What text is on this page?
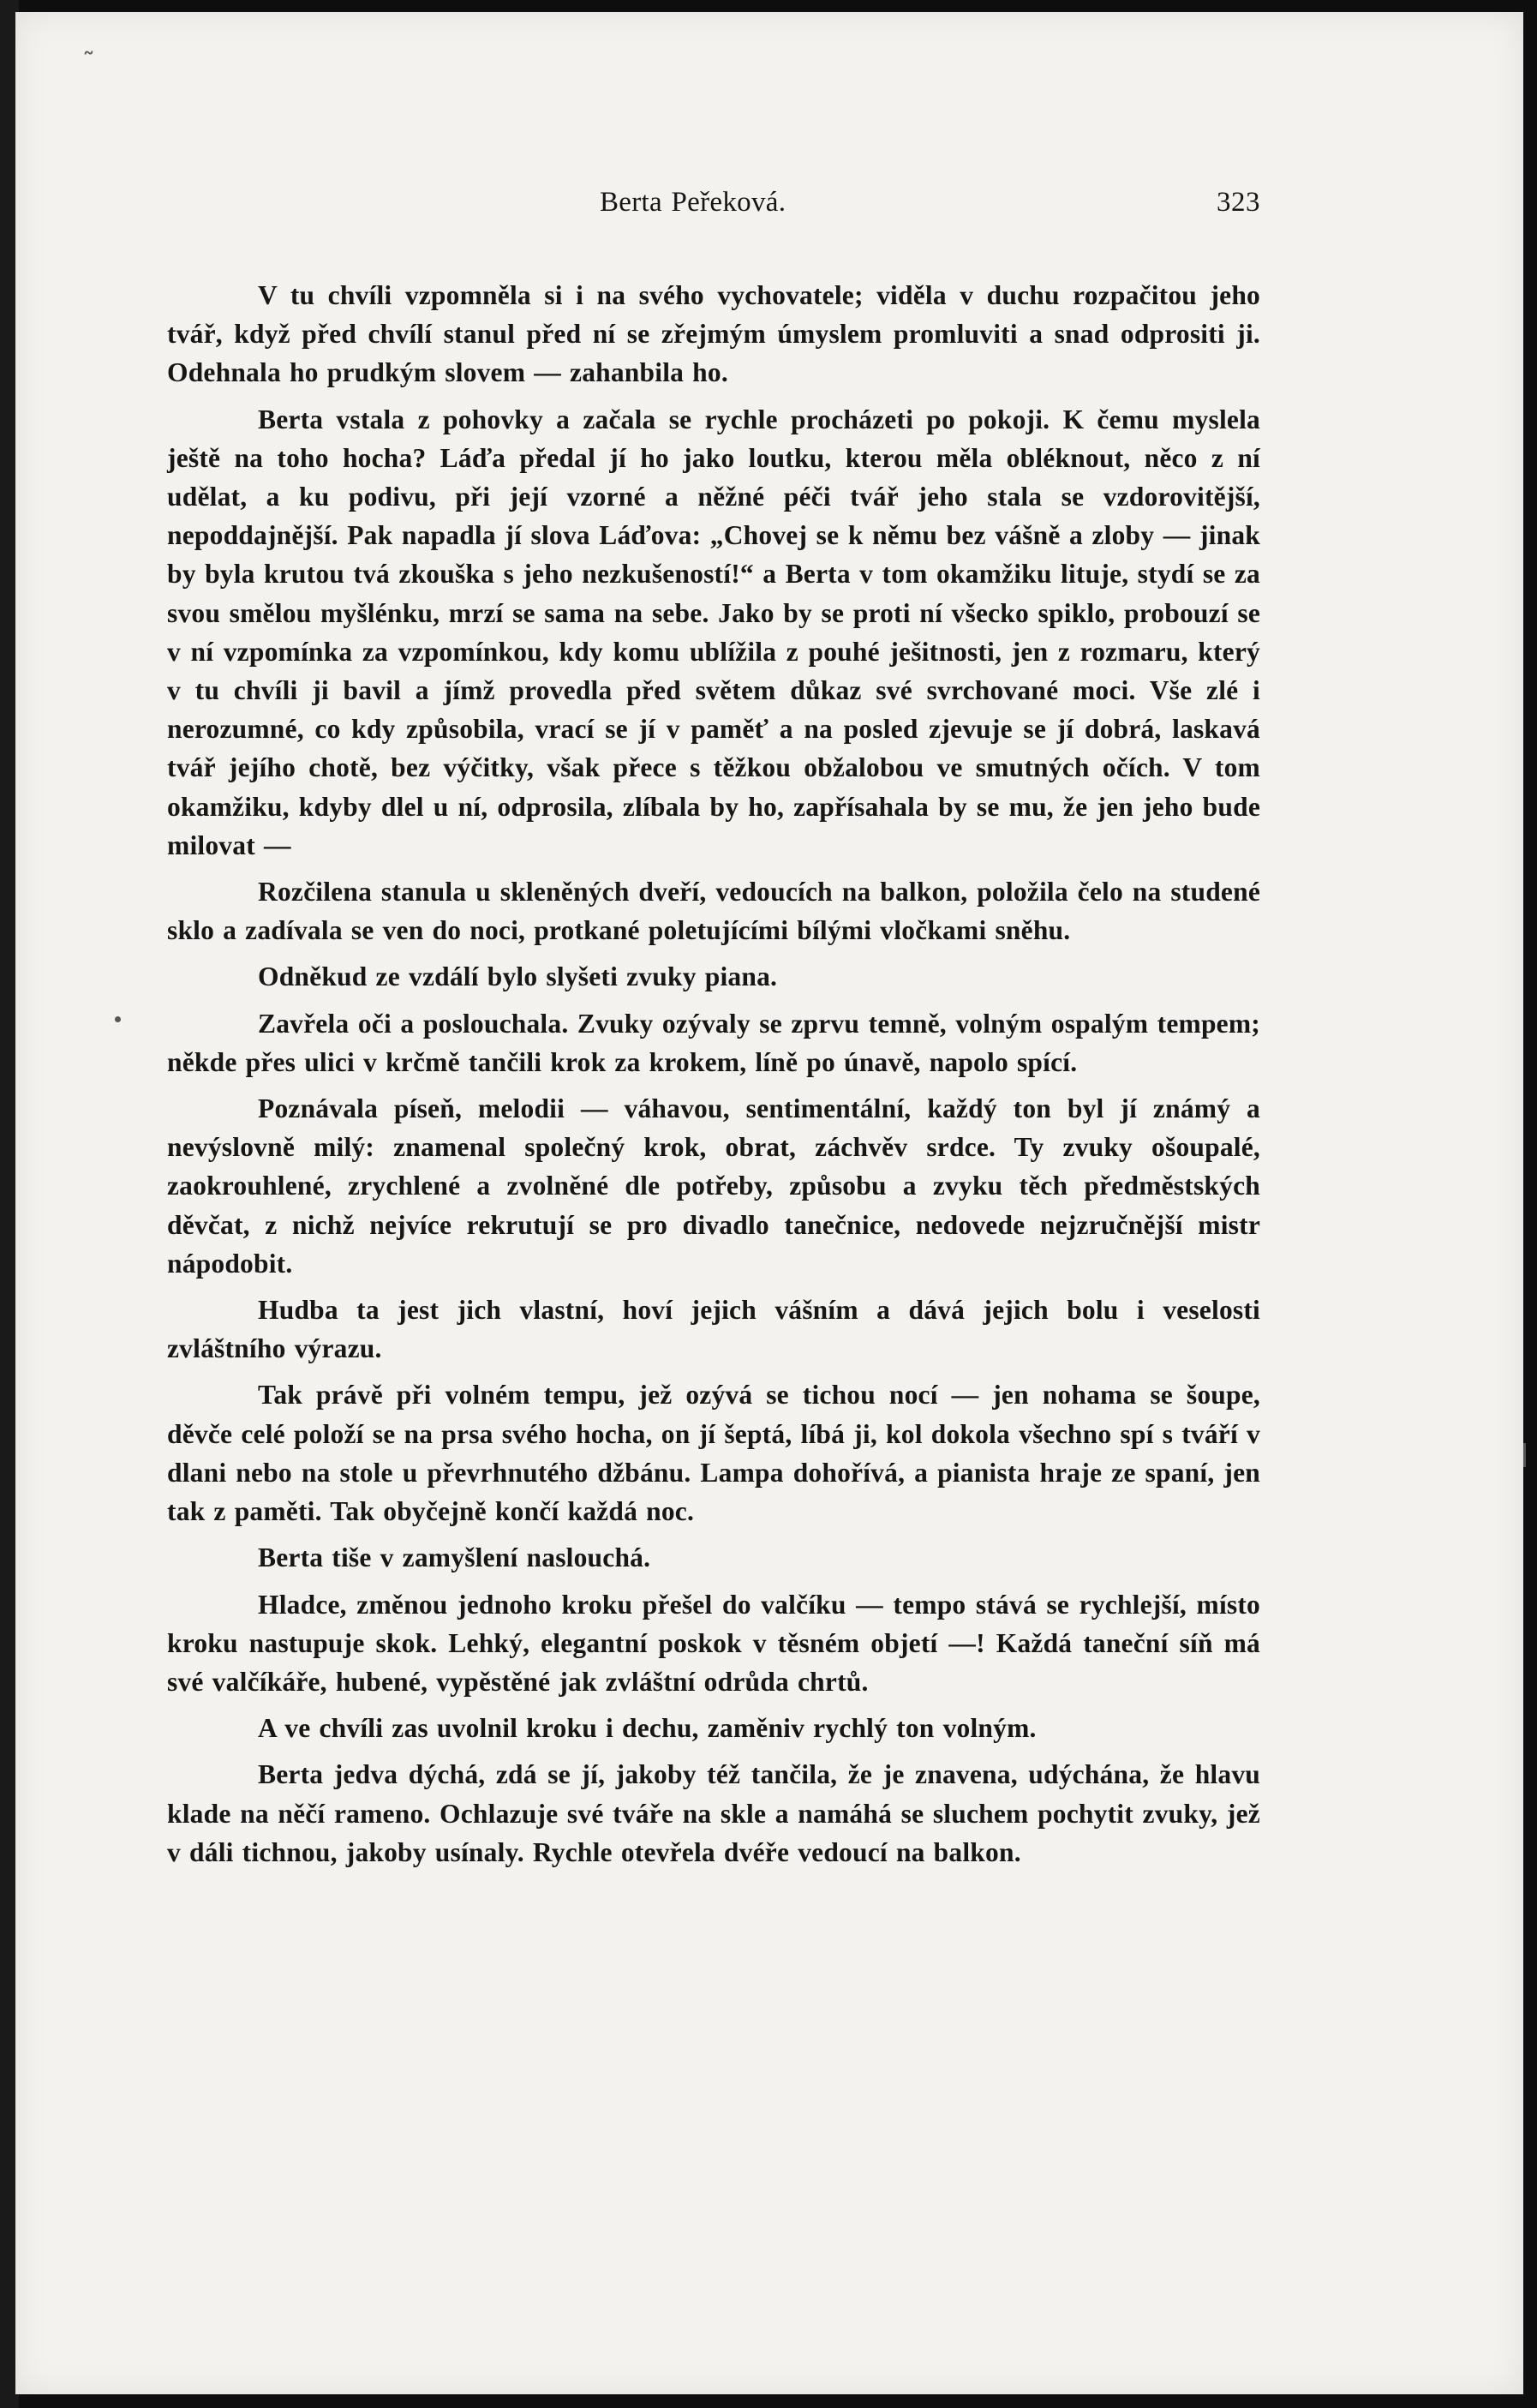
˜
Berta Peřeková.	323

V tu chvíli vzpomněla si i na svého vychovatele; viděla v duchu rozpačitou jeho tvář, když před chvílí stanul před ní se zřejmým úmyslem promluviti a snad odprositi ji. Odehnala ho prudkým slovem — zahanbila ho.

Berta vstala z pohovky a začala se rychle procházeti po pokoji. K čemu myslela ještě na toho hocha? Láďa předal jí ho jako loutku, kterou měla obléknout, něco z ní udělat, a ku podivu, při její vzorné a něžné péči tvář jeho stala se vzdorovitější, nepoddajnější. Pak napadla jí slova Láďova: „Chovej se k němu bez vášně a zloby — jinak by byla krutou tvá zkouška s jeho nezkušeností!“ a Berta v tom okamžiku lituje, stydí se za svou smělou myšlénku, mrzí se sama na sebe. Jako by se proti ní všecko spiklo, probouzí se v ní vzpomínka za vzpomínkou, kdy komu ublížila z pouhé ješitnosti, jen z rozmaru, který v tu chvíli ji bavil a jímž provedla před světem důkaz své svrchované moci. Vše zlé i nerozumné, co kdy způsobila, vrací se jí v paměť a na posled zjevuje se jí dobrá, laskavá tvář jejího chotě, bez výčitky, však přece s těžkou obžalobou ve smutných očích. V tom okamžiku, kdyby dlel u ní, odprosila, zlíbala by ho, zapřísahala by se mu, že jen jeho bude milovat —

Rozčilena stanula u skleněných dveří, vedoucích na balkon, položila čelo na studené sklo a zadívala se ven do noci, protkané poletujícími bílými vločkami sněhu.

Odněkud ze vzdálí bylo slyšeti zvuky piana.

Zavřela oči a poslouchala. Zvuky ozývaly se zprvu temně, volným ospalým tempem; někde přes ulici v krčmě tančili krok za krokem, líně po únavě, napolo spící.

Poznávala píseň, melodii — váhavou, sentimentální, každý ton byl jí známý a nevýslovně milý: znamenal společný krok, obrat, záchvěv srdce. Ty zvuky ošoupalé, zaokrouhlené, zrychlené a zvolněné dle potřeby, způsobu a zvyku těch předměstských děvčat, z nichž nejvíce rekrutují se pro divadlo tanečnice, nedovede nejzručnější mistr nápodobit.

Hudba ta jest jich vlastní, hoví jejich vášním a dává jejich bolu i veselosti zvláštního výrazu.

Tak právě při volném tempu, jež ozývá se tichou nocí — jen nohama se šoupe, děvče celé položí se na prsa svého hocha, on jí šeptá, líbá ji, kol dokola všechno spí s tváří v dlani nebo na stole u převrhnutého džbánu. Lampa dohořívá, a pianista hraje ze spaní, jen tak z paměti. Tak obyčejně končí každá noc.

Berta tiše v zamyšlení naslouchá.

Hladce, změnou jednoho kroku přešel do valčíku — tempo stává se rychlejší, místo kroku nastupuje skok. Lehký, elegantní poskok v těsném objetí —! Každá taneční síň má své valčíkáře, hubené, vypěstěné jak zvláštní odrůda chrtů.

A ve chvíli zas uvolnil kroku i dechu, zaměniv rychlý ton volným.

Berta jedva dýchá, zdá se jí, jakoby též tančila, že je znavena, udýchána, že hlavu klade na něčí rameno. Ochlazuje své tváře na skle a namáhá se sluchem pochytit zvuky, jež v dáli tichnou, jakoby usínaly. Rychle otevřela dvéře vedoucí na balkon.
